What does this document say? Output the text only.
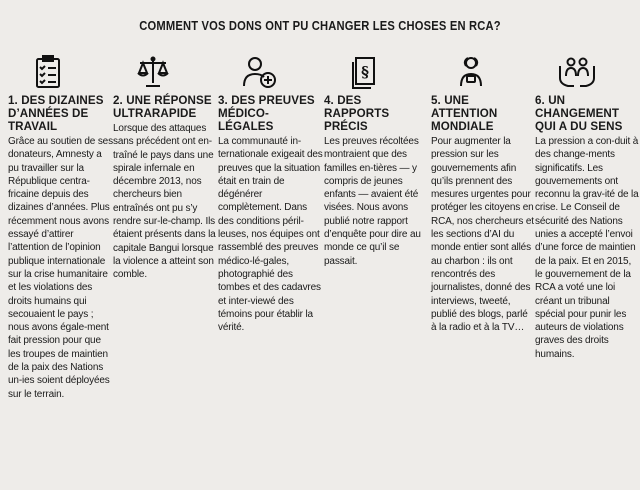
COMMENT VOS DONS ONT PU CHANGER LES CHOSES EN RCA?
1. DES DIZAINES D’ANNÉES DE TRAVAIL
Grâce au soutien de ses donateurs, Amnesty a pu travailler sur la République centra-fricaine depuis des dizaines d’années. Plus récemment nous avons essayé d’attirer l’attention de l’opinion publique internationale sur la crise humanitaire et les violations des droits humains qui secouaient le pays ; nous avons égale-ment fait pression pour que les troupes de maintien de la paix des Nations un-ies soient déployées sur le terrain.
2. UNE RÉPONSE ULTRARAPIDE
Lorsque des attaques sans précédent ont en-traîné le pays dans une spirale infernale en décembre 2013, nos chercheurs bien entraînés ont pu s’y rendre sur-le-champ. Ils étaient présents dans la capitale Bangui lorsque la violence a atteint son comble.
3. DES PREUVES MÉDICO-LÉGALES
La communauté in-ternationale exigeait des preuves que la situation était en train de dégénérer complètement. Dans des conditions péril-leuses, nos équipes ont rassemblé des preuves médico-lé-gales, photographié des tombes et des cadavres et inter-viewé des témoins pour établir la vérité.
§
4. DES RAPPORTS PRÉCIS
Les preuves récoltées montraient que des familles en-tières — y compris de jeunes enfants — avaient été visées. Nous avons publié notre rapport d’enquête pour dire au monde ce qu’il se passait.
5. UNE ATTENTION MONDIALE
Pour augmenter la pression sur les gouvernements afin qu’ils prennent des mesures urgentes pour protéger les citoyens en RCA, nos chercheurs et les sections d’AI du monde entier sont allés au charbon : ils ont rencontrés des journalistes, donné des interviews, tweeté, publié des blogs, parlé à la radio et à la TV…
6. UN CHANGEMENT QUI A DU SENS
La pression a con-duit à des change-ments significatifs. Les gouvernements ont reconnu la grav-ité de la crise. Le Conseil de sécurité des Nations unies a accepté l’envoi d’une force de maintien de la paix. Et en 2015, le gouvernement de la RCA a voté une loi créant un tribunal spécial pour punir les auteurs de violations graves des droits humains.
